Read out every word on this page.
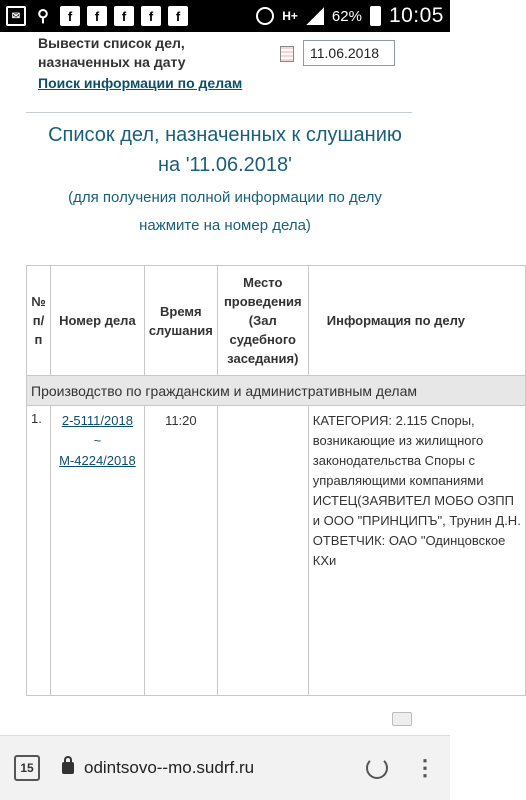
✉	⚲	f	f	f	f	f	H+ 62% 10:05
Вывести список дел, назначенных на дату
Поиск информации по делам
11.06.2018
Список дел, назначенных к слушанию
на '11.06.2018'
(для получения полной информации по делу
нажмите на номер дела)
№ п/п	Номер дела	Время слушания	Место проведения (Зал судебного заседания)	Информация по делу
Производство по гражданским и административным делам				
1.	2-5111/2018
~
М-4224/2018	11:20		КАТЕГОРИЯ: 2.115 Споры, возникающие из жилищного законодательства Споры с управляющими компаниями ИСТЕЦ(ЗАЯВИТЕЛ МОБО ОЗПП и ООО "ПРИНЦИПЪ", Трунин Д.Н. ОТВЕТЧИК: ОАО "Одинцовское КХи
15	odintsovo--mo.sudrf.ru	⋮
